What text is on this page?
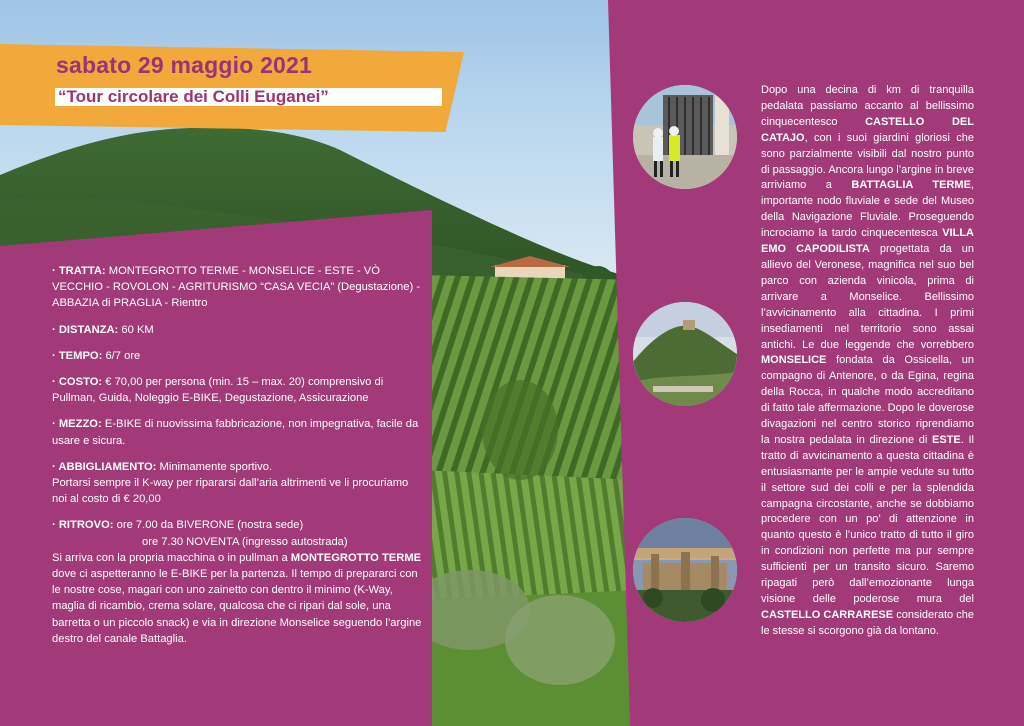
sabato 29 maggio 2021
“Tour circolare dei Colli Euganei”

· TRATTA: MONTEGROTTO TERME - MONSELICE - ESTE - VÒ VECCHIO - ROVOLON - AGRITURISMO “CASA VECIA” (Degustazione) - ABBAZIA di PRAGLIA - Rientro

· DISTANZA: 60 KM

· TEMPO: 6/7 ore

· COSTO: € 70,00 per persona (min. 15 – max. 20) comprensivo di Pullman, Guida, Noleggio E-BIKE, Degustazione, Assicurazione

· MEZZO: E-BIKE di nuovissima fabbricazione, non impegnativa, facile da usare e sicura.

· ABBIGLIAMENTO: Minimamente sportivo.
Portarsi sempre il K-way per ripararsi dall’aria altrimenti ve li procuriamo noi al costo di € 20,00

· RITROVO: ore 7.00 da BIVERONE (nostra sede)
ore 7.30 NOVENTA (ingresso autostrada)
Si arriva con la propria macchina o in pullman a MONTEGROTTO TERME dove ci aspetteranno le E-BIKE per la partenza. Il tempo di prepararci con le nostre cose, magari con uno zainetto con dentro il minimo (K-Way, maglia di ricambio, crema solare, qualcosa che ci ripari dal sole, una barretta o un piccolo snack) e via in direzione Monselice seguendo l’argine destro del canale Battaglia.

Dopo una decina di km di tranquilla pedalata passiamo accanto al bellissimo cinquecentesco CASTELLO DEL CATAJO, con i suoi giardini gloriosi che sono parzialmente visibili dal nostro punto di passaggio. Ancora lungo l’argine in breve arriviamo a BATTAGLIA TERME, importante nodo fluviale e sede del Museo della Navigazione Fluviale. Proseguendo incrociamo la tardo cinquecentesca VILLA EMO CAPODILISTA progettata da un allievo del Veronese, magnifica nel suo bel parco con azienda vinicola, prima di arrivare a Monselice. Bellissimo l’avvicinamento alla cittadina. I primi insediamenti nel territorio sono assai antichi. Le due leggende che vorrebbero MONSELICE fondata da Ossicella, un compagno di Antenore, o da Egina, regina della Rocca, in qualche modo accreditano di fatto tale affermazione. Dopo le doverose divagazioni nel centro storico riprendiamo la nostra pedalata in direzione di ESTE. Il tratto di avvicinamento a questa cittadina è entusiasmante per le ampie vedute su tutto il settore sud dei colli e per la splendida campagna circostante, anche se dobbiamo procedere con un po’ di attenzione in quanto questo è l’unico tratto di tutto il giro in condizioni non perfette ma pur sempre sufficienti per un transito sicuro. Saremo ripagati però dall’emozionante lunga visione delle poderose mura del CASTELLO CARRARESE considerato che le stesse si scorgono già da lontano.
